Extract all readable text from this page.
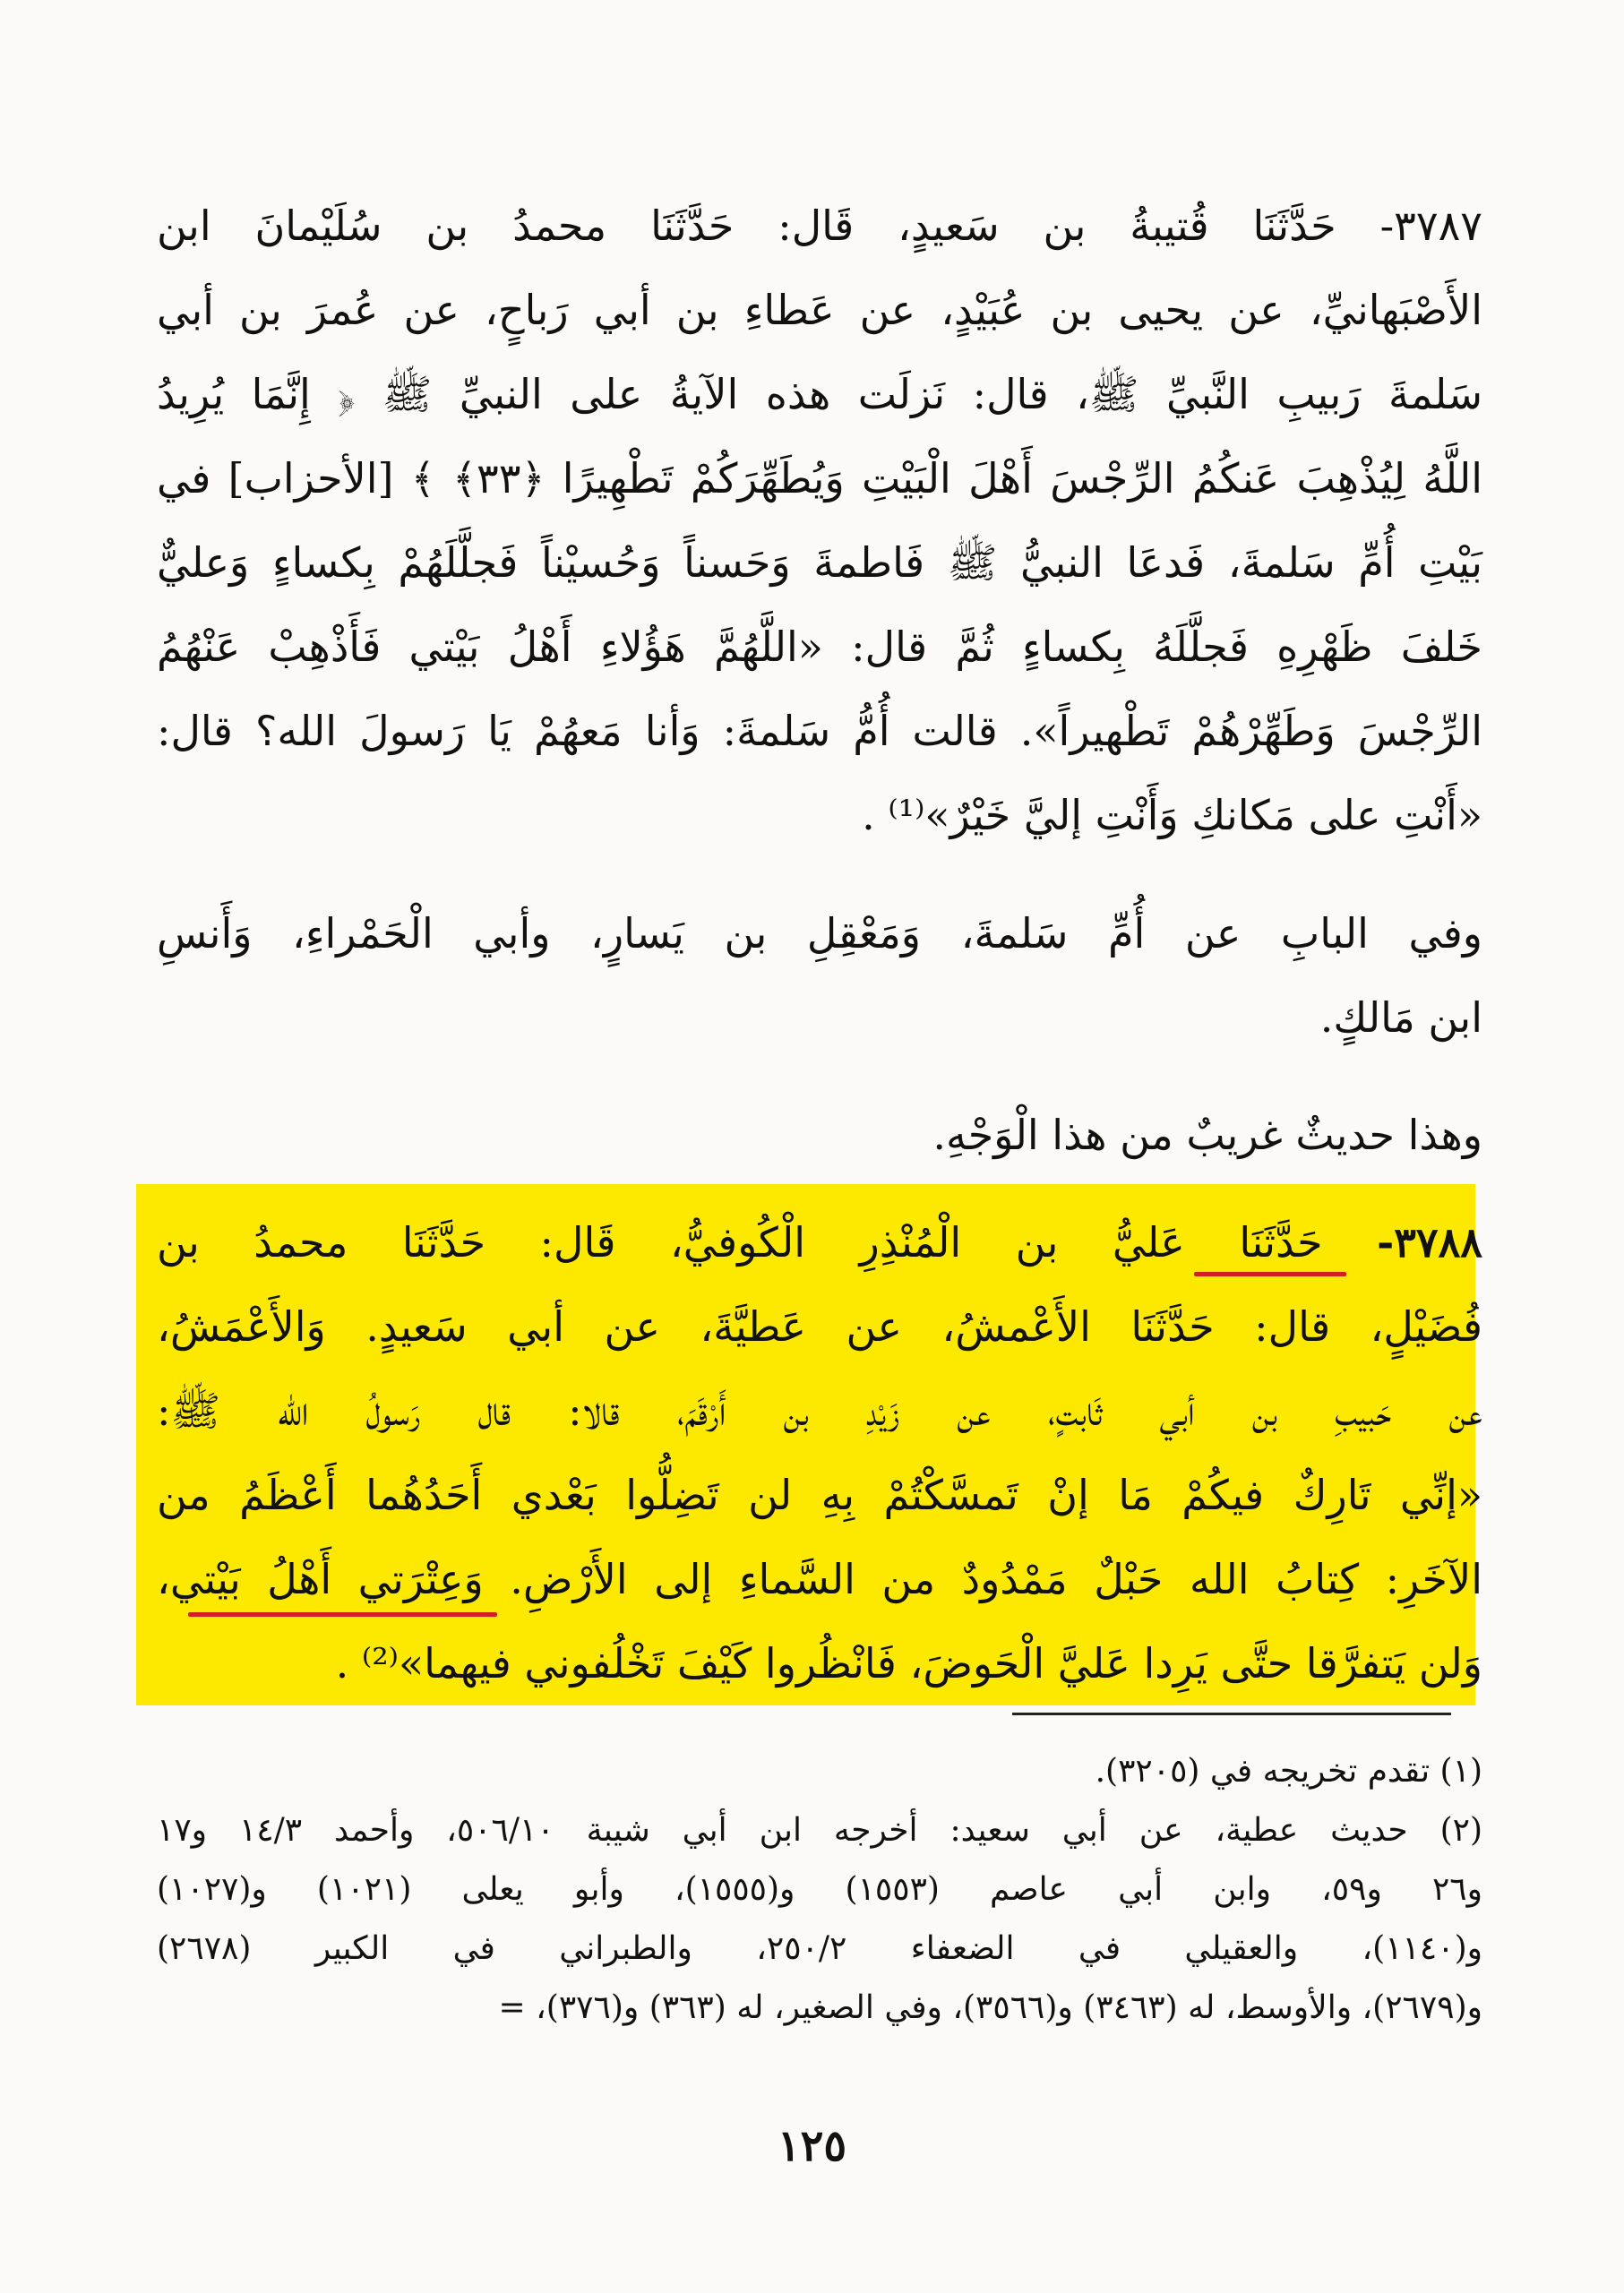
٣٧٨٧- حَدَّثَنَا قُتيبةُ بن سَعيدٍ، قَال: حَدَّثَنَا محمدُ بن سُلَيْمانَ ابن
الأَصْبَهانيِّ، عن يحيى بن عُبَيْدٍ، عن عَطاءِ بن أبي رَباحٍ، عن عُمرَ بن أبي
سَلمةَ رَبيبِ النَّبيِّ ﷺ، قال: نَزلَت هذه الآيةُ على النبيِّ ﷺ ﴿ إِنَّمَا يُرِيدُ
اللَّهُ لِيُذْهِبَ عَنكُمُ الرِّجْسَ أَهْلَ الْبَيْتِ وَيُطَهِّرَكُمْ تَطْهِيرًا ﴿٣٣﴾ ﴾ [الأحزاب] في
بَيْتِ أُمِّ سَلمةَ، فَدعَا النبيُّ ﷺ فَاطمةَ وَحَسناً وَحُسيْناً فَجلَّلَهُمْ بِكساءٍ وَعليٌّ
خَلفَ ظَهْرِهِ فَجلَّلَهُ بِكساءٍ ثُمَّ قال: «اللَّهُمَّ هَؤُلاءِ أَهْلُ بَيْتي فَأَذْهِبْ عَنْهُمُ
الرِّجْسَ وَطَهِّرْهُمْ تَطْهيراً». قالت أُمُّ سَلمةَ: وَأنا مَعهُمْ يَا رَسولَ الله؟ قال:
«أَنْتِ على مَكانكِ وَأَنْتِ إليَّ خَيْرٌ»⁽¹⁾ .
وفي البابِ عن أُمِّ سَلمةَ، وَمَعْقِلِ بن يَسارٍ، وأبي الْحَمْراءِ، وَأَنسِ
ابن مَالكٍ.
وهذا حديثٌ غريبٌ من هذا الْوَجْهِ.
٣٧٨٨- حَدَّثَنَا عَليُّ بن الْمُنْذِرِ الْكُوفيُّ، قَال: حَدَّثَنَا محمدُ بن
فُضَيْلٍ، قال: حَدَّثَنَا الأَعْمشُ، عن عَطيَّةَ، عن أبي سَعيدٍ. وَالأَعْمَشُ،
عن حَبيبِ بن أبي ثَابتٍ، عن زَيْدِ بن أَرْقَمَ، قالا: قال رَسولُ الله ﷺ:
«إنِّي تَارِكٌ فيكُمْ مَا إنْ تَمسَّكْتُمْ بِهِ لن تَضِلُّوا بَعْدي أَحَدُهُما أَعْظَمُ من
الآخَرِ: كِتابُ الله حَبْلٌ مَمْدُودٌ من السَّماءِ إلى الأَرْضِ. وَعِتْرَتي أَهْلُ بَيْتي،
وَلن يَتفرَّقا حتَّى يَرِدا عَليَّ الْحَوضَ، فَانْظُروا كَيْفَ تَخْلُفوني فيهما»⁽²⁾ .
(١) تقدم تخريجه في (٣٢٠٥).
(٢) حديث عطية، عن أبي سعيد: أخرجه ابن أبي شيبة ٥٠٦/١٠، وأحمد ١٤/٣ و١٧
و٢٦ و٥٩، وابن أبي عاصم (١٥٥٣) و(١٥٥٥)، وأبو يعلى (١٠٢١) و(١٠٢٧)
و(١١٤٠)، والعقيلي في الضعفاء ٢٥٠/٢، والطبراني في الكبير (٢٦٧٨)
و(٢٦٧٩)، والأوسط، له (٣٤٦٣) و(٣٥٦٦)، وفي الصغير، له (٣٦٣) و(٣٧٦)، =
١٢٥
